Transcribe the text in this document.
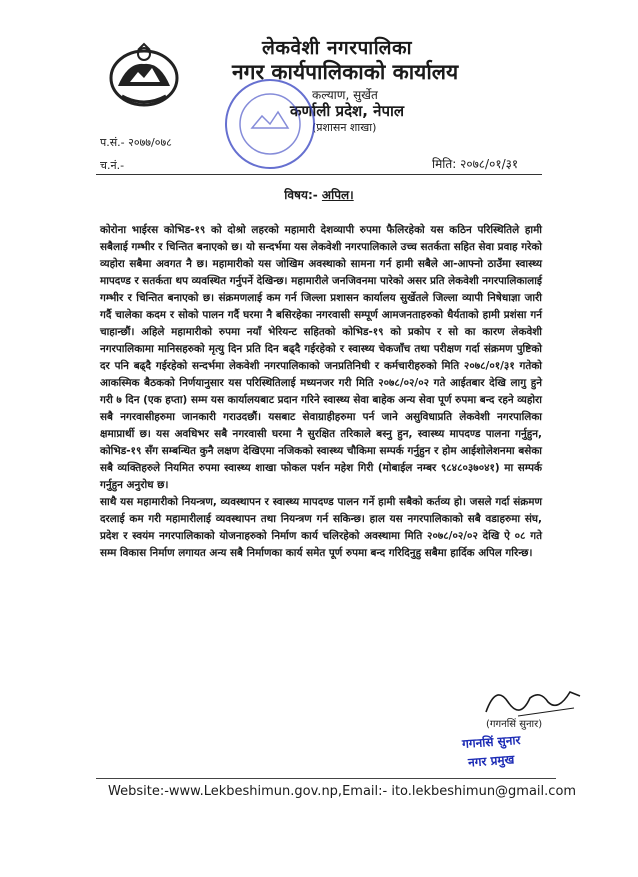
लेकवेशी नगरपालिका
नगर कार्यपालिकाको कार्यालय
कल्याण, सुर्खेत
कर्णाली प्रदेश, नेपाल
(प्रशासन शाखा)
प.सं.- २०७७/०७८
च.नं.-	मिति: २०७८/०१/३१
विषय:- अपिल।

कोरोना भाईरस कोभिड-१९ को दोश्रो लहरको महामारी देशव्यापी रुपमा फैलिरहेको यस कठिन परिस्थितिले हामी सबैलाई गम्भीर र चिन्तित बनाएको छ। यो सन्दर्भमा यस लेकवेशी नगरपालिकाले उच्च सतर्कता सहित सेवा प्रवाह गरेको व्यहोरा सबैमा अवगत नै छ। महामारीको यस जोखिम अवस्थाको सामना गर्न हामी सबैले आ-आफ्नो ठाउँमा स्वास्थ्य मापदण्ड र सतर्कता थप व्यवस्थित गर्नुपर्ने देखिन्छ। महामारीले जनजिवनमा पारेको असर प्रति लेकवेशी नगरपालिकालाई गम्भीर र चिन्तित बनाएको छ। संक्रमणलाई कम गर्न जिल्ला प्रशासन कार्यालय सुर्खेतले जिल्ला व्यापी निषेधाज्ञा जारी गर्दै चालेका कदम र सोको पालन गर्दै घरमा नै बसिरहेका नगरवासी सम्पूर्ण आमजनताहरुको धैर्यताको हामी प्रशंसा गर्न चाहान्छौं। अहिले महामारीको रुपमा नयाँ भेरियन्ट सहितको कोभिड-१९ को प्रकोप र सो का कारण लेकवेशी नगरपालिकामा मानिसहरुको मृत्यु दिन प्रति दिन बढ्दै गईरहेको र स्वास्थ्य चेकजाँच तथा परीक्षण गर्दा संक्रमण पुष्टिको दर पनि बढ्दै गईरहेको सन्दर्भमा लेकवेशी नगरपालिकाको जनप्रतिनिधी र कर्मचारीहरुको मिति २०७८/०१/३१ गतेको आकस्मिक बैठकको निर्णयानुसार यस परिस्थितिलाई मध्यनजर गरी मिति २०७८/०२/०२ गते आईतबार देखि लागु हुने गरी ७ दिन (एक हप्ता) सम्म यस कार्यालयबाट प्रदान गरिने स्वास्थ्य सेवा बाहेक अन्य सेवा पूर्ण रुपमा बन्द रहने व्यहोरा सबै नगरवासीहरुमा जानकारी गराउदछौं। यसबाट सेवाग्राहीहरुमा पर्न जाने असुविधाप्रति लेकवेशी नगरपालिका क्षमाप्रार्थी छ। यस अवधिभर सबै नगरवासी घरमा नै सुरक्षित तरिकाले बस्नु हुन, स्वास्थ्य मापदण्ड पालना गर्नुहुन, कोभिड-१९ सँग सम्बन्धित कुनै लक्षण देखिएमा नजिकको स्वास्थ्य चौकिमा सम्पर्क गर्नुहुन र होम आईशोलेशनमा बसेका सबै व्यक्तिहरुले नियमित रुपमा स्वास्थ्य शाखा फोकल पर्शन महेश गिरी (मोबाईल नम्बर ९८४८०३७०४१) मा सम्पर्क गर्नुहुन अनुरोध छ।

साथै यस महामारीको नियन्त्रण, व्यवस्थापन र स्वास्थ्य मापदण्ड पालन गर्ने हामी सबैको कर्तव्य हो। जसले गर्दा संक्रमण दरलाई कम गरी महामारीलाई व्यवस्थापन तथा नियन्त्रण गर्न सकिन्छ। हाल यस नगरपालिकाको सबै वडाहरुमा संघ, प्रदेश र स्वयंम नगरपालिकाको योजनाहरुको निर्माण कार्य चलिरहेको अवस्थामा मिति २०७८/०२/०२ देखि ऐ ०८ गते सम्म विकास निर्माण लगायत अन्य सबै निर्माणका कार्य समेत पूर्ण रुपमा बन्द गरिदिनुहु सबैमा हार्दिक अपिल गरिन्छ।

(गगनसिं सुनार)
गगनसिं सुनार
नगर प्रमुख
Website:-www.Lekbeshimun.gov.np,Email:- ito.lekbeshimun@gmail.com
